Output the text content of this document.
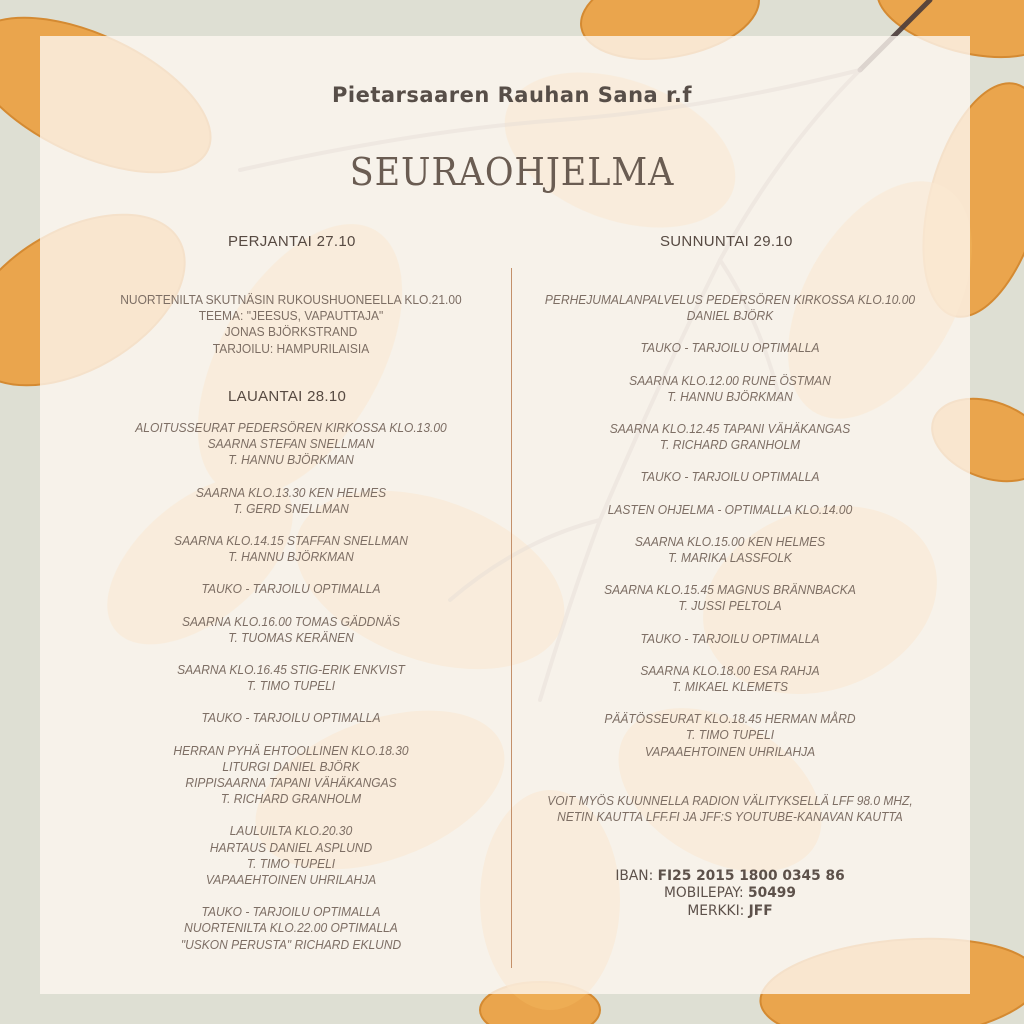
Pietarsaaren Rauhan Sana r.f
SEURAOHJELMA
PERJANTAI 27.10
NUORTENILTA SKUTNÄSIN RUKOUSHUONEELLA KLO.21.00
TEEMA: "JEESUS, VAPAUTTAJA"
JONAS BJÖRKSTRAND
TARJOILU: HAMPURILAISIA
LAUANTAI 28.10
ALOITUSSEURAT PEDERSÖREN KIRKOSSA KLO.13.00
SAARNA STEFAN SNELLMAN
T. HANNU BJÖRKMAN
SAARNA KLO.13.30 KEN HELMES
T. GERD SNELLMAN
SAARNA KLO.14.15 STAFFAN SNELLMAN
T. HANNU BJÖRKMAN
TAUKO - TARJOILU OPTIMALLA
SAARNA KLO.16.00 TOMAS GÄDDNÄS
T. TUOMAS KERÄNEN
SAARNA KLO.16.45 STIG-ERIK ENKVIST
T. TIMO TUPELI
TAUKO - TARJOILU OPTIMALLA
HERRAN PYHÄ EHTOOLLINEN KLO.18.30
LITURGI DANIEL BJÖRK
RIPPISAARNA TAPANI VÄHÄKANGAS
T. RICHARD GRANHOLM
LAULUILTA KLO.20.30
HARTAUS DANIEL ASPLUND
T. TIMO TUPELI
VAPAAEHTOINEN UHRILAHJA
TAUKO - TARJOILU OPTIMALLA
NUORTENILTA KLO.22.00 OPTIMALLA
"USKON PERUSTA" RICHARD EKLUND
SUNNUNTAI 29.10
PERHEJUMALANPALVELUS PEDERSÖREN KIRKOSSA KLO.10.00
DANIEL BJÖRK
TAUKO - TARJOILU OPTIMALLA
SAARNA KLO.12.00 RUNE ÖSTMAN
T. HANNU BJÖRKMAN
SAARNA KLO.12.45 TAPANI VÄHÄKANGAS
T. RICHARD GRANHOLM
TAUKO - TARJOILU OPTIMALLA
LASTEN OHJELMA - OPTIMALLA KLO.14.00
SAARNA KLO.15.00 KEN HELMES
T. MARIKA LASSFOLK
SAARNA KLO.15.45 MAGNUS BRÄNNBACKA
T. JUSSI PELTOLA
TAUKO - TARJOILU OPTIMALLA
SAARNA KLO.18.00 ESA RAHJA
T. MIKAEL KLEMETS
PÄÄTÖSSEURAT KLO.18.45 HERMAN MÅRD
T. TIMO TUPELI
VAPAAEHTOINEN UHRILAHJA
VOIT MYÖS KUUNNELLA RADION VÄLITYKSELLÄ LFF 98.0 MHZ,
NETIN KAUTTA LFF.FI JA JFF:S YOUTUBE-KANAVAN KAUTTA
IBAN: FI25 2015 1800 0345 86
MOBILEPAY: 50499
MERKKI: JFF
